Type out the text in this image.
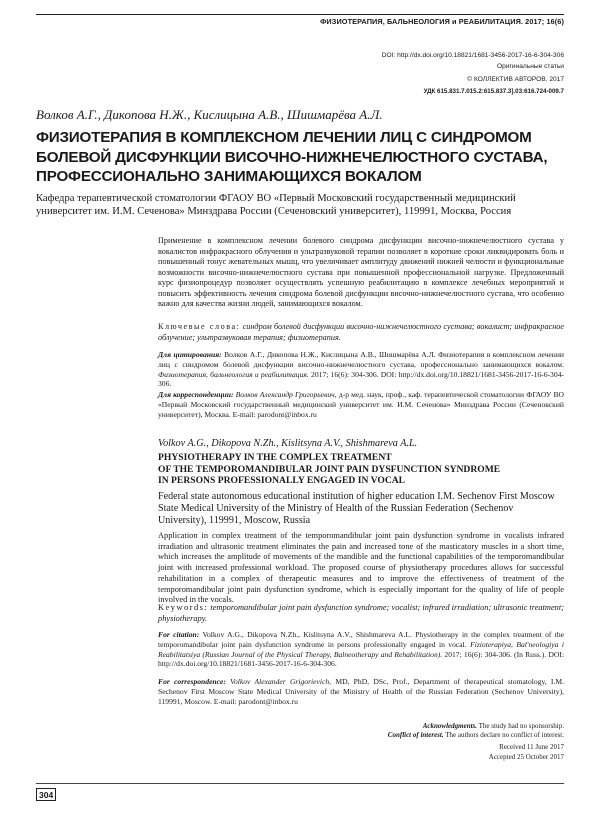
ФИЗИОТЕРАПИЯ, БАЛЬНЕОЛОГИЯ и РЕАБИЛИТАЦИЯ. 2017; 16(6)
DOI: http://dx.doi.org/10.18821/1681-3456-2017-16-6-304-306
Оригинальные статьи
© КОЛЛЕКТИВ АВТОРОВ, 2017
УДК 615.831.7.015.2:615.837.3].03:616.724-009.7
Волков А.Г., Дикопова Н.Ж., Кислицына А.В., Шишмарёва А.Л.
ФИЗИОТЕРАПИЯ В КОМПЛЕКСНОМ ЛЕЧЕНИИ ЛИЦ С СИНДРОМОМ БОЛЕВОЙ ДИСФУНКЦИИ ВИСОЧНО-НИЖНЕЧЕЛЮСТНОГО СУСТАВА, ПРОФЕССИОНАЛЬНО ЗАНИМАЮЩИХСЯ ВОКАЛОМ
Кафедра терапевтической стоматологии ФГАОУ ВО «Первый Московский государственный медицинский университет им. И.М. Сеченова» Минздрава России (Сеченовский университет), 119991, Москва, Россия

Применение в комплексном лечении болевого синдрома дисфункции височно-нижнечелюстного сустава у вокалистов инфракрасного облучения и ультразвуковой терапии позволяет в короткие сроки ликвидировать боль и повышенный тонус жевательных мышц, что увеличивает амплитуду движений нижней челюсти и функциональные возможности височно-нижнечелюстного сустава при повышенной профессиональной нагрузке. Предложенный курс физиопроцедур позволяет осуществлять успешную реабилитацию в комплексе лечебных мероприятий и повысить эффективность лечения синдрома болевой дисфункции височно-нижнечелюстного сустава, что особенно важно для качества жизни людей, занимающихся вокалом.

Ключевые слова: синдром болевой дисфункции височно-нижнечелюстного сустава; вокалист; инфракрасное облучение; ультразвуковая терапия; физиотерапия.

Для цитирования: Волков А.Г., Дикопова Н.Ж., Кислицына А.В., Шишмарёва А.Л. Физиотерапия в комплексном лечении лиц с синдромом болевой дисфункции височно-нижнечелюстного сустава, профессионально занимающихся вокалом. Физиотерапия, бальнеология и реабилитация. 2017; 16(6): 304-306. DOI: http://dx.doi.org/10.18821/1681-3456-2017-16-6-304-306.

Для корреспонденции: Волков Александр Григорьевич, д-р мед. наук, проф., каф. терапевтической стоматологии ФГАОУ ВО «Первый Московский государственный медицинский университет им. И.М. Сеченова» Минздрава России (Сеченовский университет), Москва. E-mail: parodont@inbox.ru

Volkov A.G., Dikopova N.Zh., Kislitsyna A.V., Shishmareva A.L.
PHYSIOTHERAPY IN THE COMPLEX TREATMENT
OF THE TEMPOROMANDIBULAR JOINT PAIN DYSFUNCTION SYNDROME
IN PERSONS PROFESSIONALLY ENGAGED IN VOCAL
Federal state autonomous educational institution of higher education I.M. Sechenov First Moscow State Medical University of the Ministry of Health of the Russian Federation (Sechenov University), 119991, Moscow, Russia

Application in complex treatment of the temporomandibular joint pain dysfunction syndrome in vocalists infrared irradiation and ultrasonic treatment eliminates the pain and increased tone of the masticatory muscles in a short time, which increases the amplitude of movements of the mandible and the functional capabilities of the temporomandibular joint with increased professional workload. The proposed course of physiotherapy procedures allows for successful rehabilitation in a complex of therapeutic measures and to improve the effectiveness of treatment of the temporomandibular joint pain dysfunction syndrome, which is especially important for the quality of life of people involved in the vocals.

Keywords: temporomandibular joint pain dysfunction syndrome; vocalist; infrared irradiation; ultrasonic treatment; physiotherapy.

For citation: Volkov A.G., Dikopova N.Zh., Kislitsyna A.V., Shishmareva A.L. Physiotherapy in the complex treatment of the temporomandibular joint pain dysfunction syndrome in persons professionally engaged in vocal. Fizioterapiya, Bal'neologiya i Reabilitatsiya (Russian Journal of the Physical Therapy, Balneotherapy and Rehabilitation). 2017; 16(6): 304-306. (In Russ.). DOI: http://dx.doi.org/10.18821/1681-3456-2017-16-6-304-306.

For correspondence: Volkov Alexander Grigorievich, MD, PhD, DSc, Prof., Department of therapeutical stomatology, I.M. Sechenov First Moscow State Medical University of the Ministry of Health of the Russian Federation (Sechenov University), 119991, Moscow. E-mail: parodont@inbox.ru

Acknowledgments. The study had no sponsorship.
Conflict of interest. The authors declare no conflict of interest.
Received 11 June 2017
Accepted 25 October 2017
304
